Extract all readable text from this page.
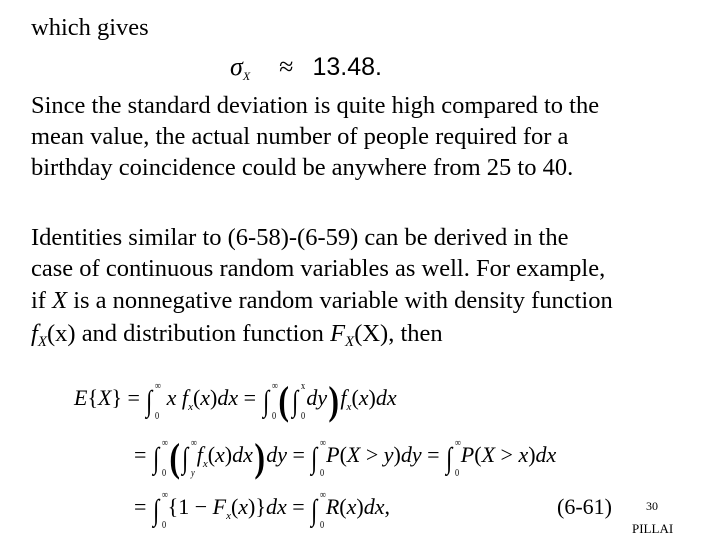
which gives
$\sigma_X \approx 13.48$.
Since the standard deviation is quite high compared to the
mean value, the actual number of people required for a
birthday coincidence could be anywhere from 25 to 40.
Identities similar to (6-58)-(6-59) can be derived in the
case of continuous random variables as well. For example,
if X is a nonnegative random variable with density function
$f_X(x)$ and distribution function $F_X(X)$, then
E{X} = ∫ ∞
0
x $f_x(x)dx$ = ∫ ∞
0 (∫ x
0
$dy)f_x(x)dx$
= ∫ ∞
0 (∫ ∞
y
$f_x(x)dx)dy$ = ∫ ∞
0
P(X > y)dy = ∫ ∞
0
P(X > x)dx
= ∫ ∞
0
$\{1 - F_x(x)\}dx$ = ∫ ∞
0
R(x)dx,	(6-61)	30
PILLAI
